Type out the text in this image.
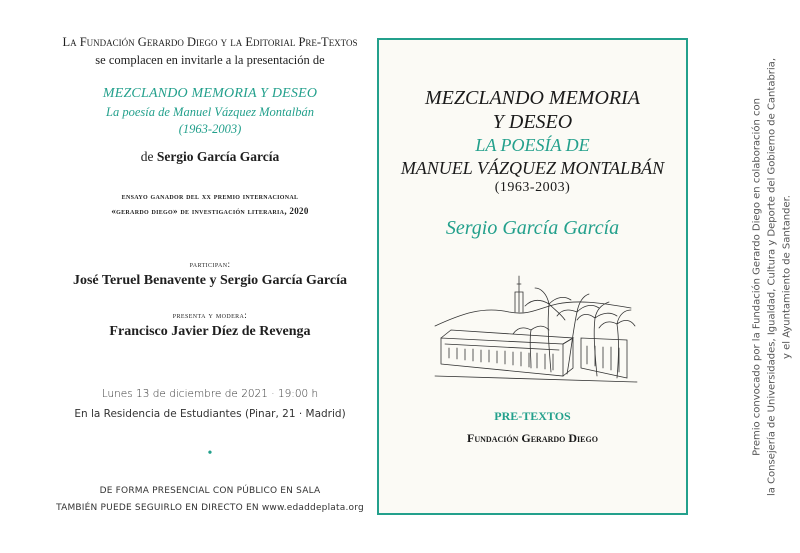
La Fundación Gerardo Diego y la Editorial Pre-Textos
se complacen en invitarle a la presentación de
MEZCLANDO MEMORIA Y DESEO
La poesía de Manuel Vázquez Montalbán
(1963-2003)
de Sergio García García
ensayo ganador del xx premio internacional
«gerardo diego» de investigación literaria, 2020
participan:
José Teruel Benavente y Sergio García García
presenta y modera:
Francisco Javier Díez de Revenga
Lunes 13 de diciembre de 2021 · 19:00 h
En la Residencia de Estudiantes (Pinar, 21 · Madrid)
•
DE FORMA PRESENCIAL CON PÚBLICO EN SALA
TAMBIÉN PUEDE SEGUIRLO EN DIRECTO EN www.edaddeplata.org
MEZCLANDO MEMORIA
Y DESEO
LA POESÍA DE
MANUEL VÁZQUEZ MONTALBÁN
(1963-2003)
Sergio García García
PRE-TEXTOS
Fundación Gerardo Diego	Premio convocado por la Fundación Gerardo Diego en colaboración con la Consejería de Universidades, Igualdad, Cultura y Deporte del Gobierno de Cantabria, y el Ayuntamiento de Santander.
